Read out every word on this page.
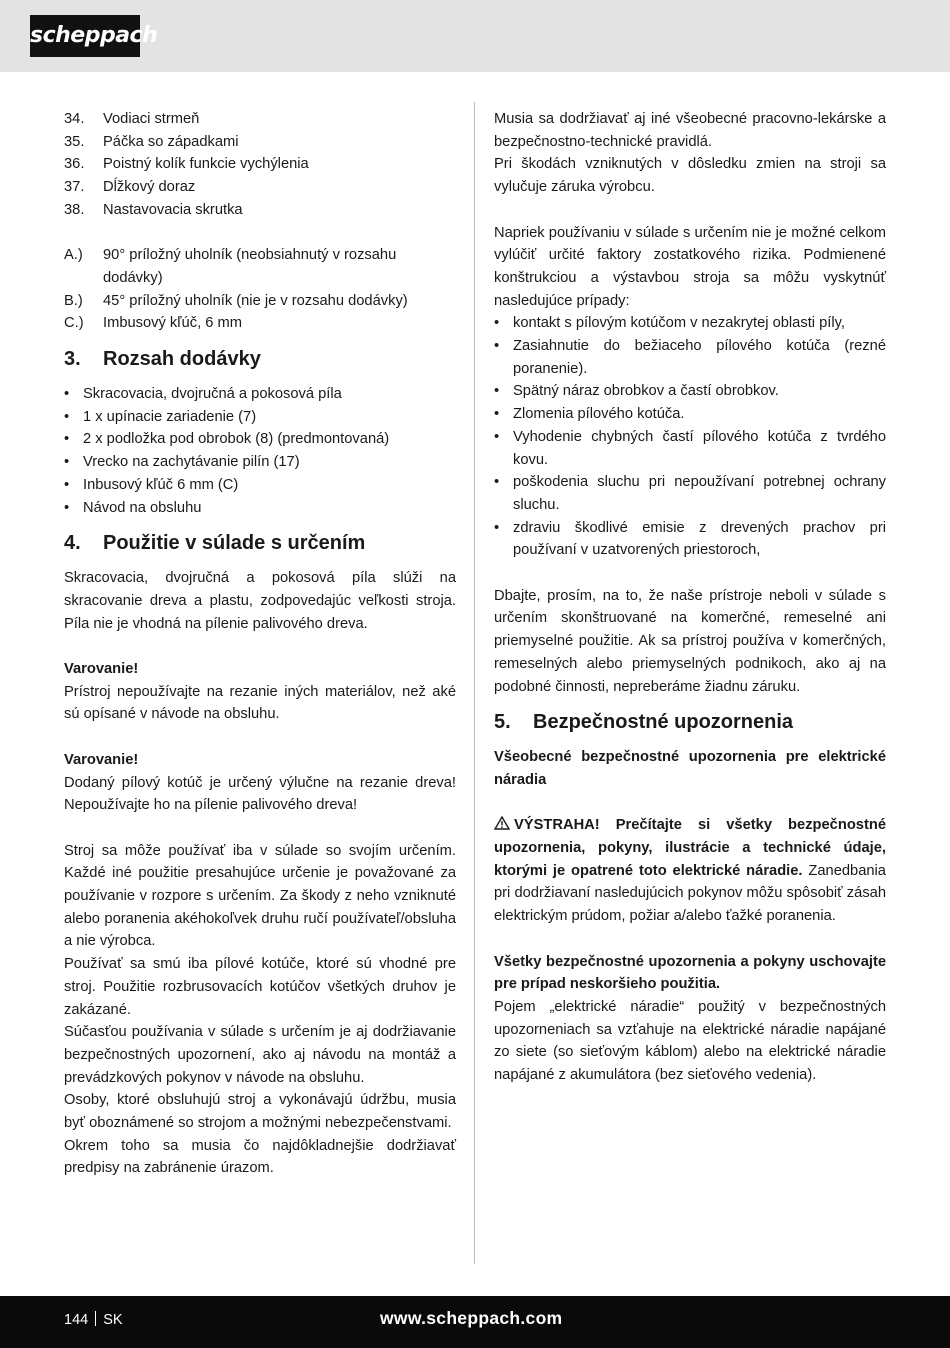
scheppach
34.	Vodiaci strmeň
35.	Páčka so západkami
36.	Poistný kolík funkcie vychýlenia
37.	Dĺžkový doraz
38.	Nastavovacia skrutka
A.)	90° príložný uholník (neobsiahnutý v rozsahu dodávky)
B.)	45° príložný uholník (nie je v rozsahu dodávky)
C.)	Imbusový kľúč, 6 mm
3.	Rozsah dodávky
• Skracovacia, dvojručná a pokosová píla
• 1 x upínacie zariadenie (7)
• 2 x podložka pod obrobok (8) (predmontovaná)
• Vrecko na zachytávanie pilín (17)
• Inbusový kľúč 6 mm (C)
• Návod na obsluhu
4.	Použitie v súlade s určením

Skracovacia, dvojručná a pokosová píla slúži na skracovanie dreva a plastu, zodpovedajúc veľkosti stroja. Píla nie je vhodná na pílenie palivového dreva.

Varovanie!

Prístroj nepoužívajte na rezanie iných materiálov, než aké sú opísané v návode na obsluhu.

Varovanie!

Dodaný pílový kotúč je určený výlučne na rezanie dreva! Nepoužívajte ho na pílenie palivového dreva!

Stroj sa môže používať iba v súlade so svojím určením. Každé iné použitie presahujúce určenie je považované za používanie v rozpore s určením. Za škody z neho vzniknuté alebo poranenia akéhokoľvek druhu ručí používateľ/obsluha a nie výrobca.

Používať sa smú iba pílové kotúče, ktoré sú vhodné pre stroj. Použitie rozbrusovacích kotúčov všetkých druhov je zakázané.

Súčasťou používania v súlade s určením je aj dodržiavanie bezpečnostných upozornení, ako aj návodu na montáž a prevádzkových pokynov v návode na obsluhu.

Osoby, ktoré obsluhujú stroj a vykonávajú údržbu, musia byť oboznámené so strojom a možnými nebezpečenstvami.

Okrem toho sa musia čo najdôkladnejšie dodržiavať predpisy na zabránenie úrazom.

Musia sa dodržiavať aj iné všeobecné pracovno-lekárske a bezpečnostno-technické pravidlá.

Pri škodách vzniknutých v dôsledku zmien na stroji sa vylučuje záruka výrobcu.

Napriek používaniu v súlade s určením nie je možné celkom vylúčiť určité faktory zostatkového rizika. Podmienené konštrukciou a výstavbou stroja sa môžu vyskytnúť nasledujúce prípady:

• kontakt s pílovým kotúčom v nezakrytej oblasti píly,
• Zasiahnutie do bežiaceho pílového kotúča (rezné poranenie).
• Spätný náraz obrobkov a častí obrobkov.
• Zlomenia pílového kotúča.
• Vyhodenie chybných častí pílového kotúča z tvrdého kovu.
• poškodenia sluchu pri nepoužívaní potrebnej ochrany sluchu.
• zdraviu škodlivé emisie z drevených prachov pri používaní v uzatvorených priestoroch,

Dbajte, prosím, na to, že naše prístroje neboli v súlade s určením skonštruované na komerčné, remeselné ani priemyselné použitie. Ak sa prístroj používa v komerčných, remeselných alebo priemyselných podnikoch, ako aj na podobné činnosti, nepreberáme žiadnu záruku.

5.	Bezpečnostné upozornenia

Všeobecné bezpečnostné upozornenia pre elektrické náradia

VÝSTRAHA! Prečítajte si všetky bezpečnostné upozornenia, pokyny, ilustrácie a technické údaje, ktorými je opatrené toto elektrické náradie. Zanedbania pri dodržiavaní nasledujúcich pokynov môžu spôsobiť zásah elektrickým prúdom, požiar a/alebo ťažké poranenia.

Všetky bezpečnostné upozornenia a pokyny uschovajte pre prípad neskoršieho použitia.

Pojem „elektrické náradie“ použitý v bezpečnostných upozorneniach sa vzťahuje na elektrické náradie napájané zo siete (so sieťovým káblom) alebo na elektrické náradie napájané z akumulátora (bez sieťového vedenia).

144 SK	www.scheppach.com
